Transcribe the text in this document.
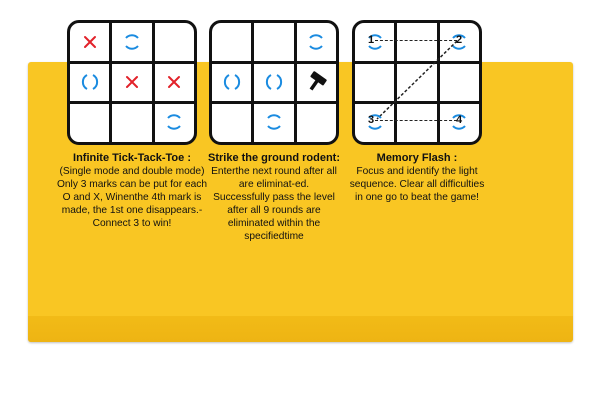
Infinite Tick-Tack-Toe :
(Single mode and double mode)
Only 3 marks can be put for each
O and X, Winenthe 4th mark is
made, the 1st one disappears.-
Connect 3 to win!
Strike the ground rodent:
Enterthe next round after all
are eliminat-ed.
Successfully pass the level
after all 9 rounds are
eliminated within the
specifiedtime
1	2
3	4
Memory Flash :
Focus and identify the light
sequence. Clear all difficulties
in one go to beat the game!
